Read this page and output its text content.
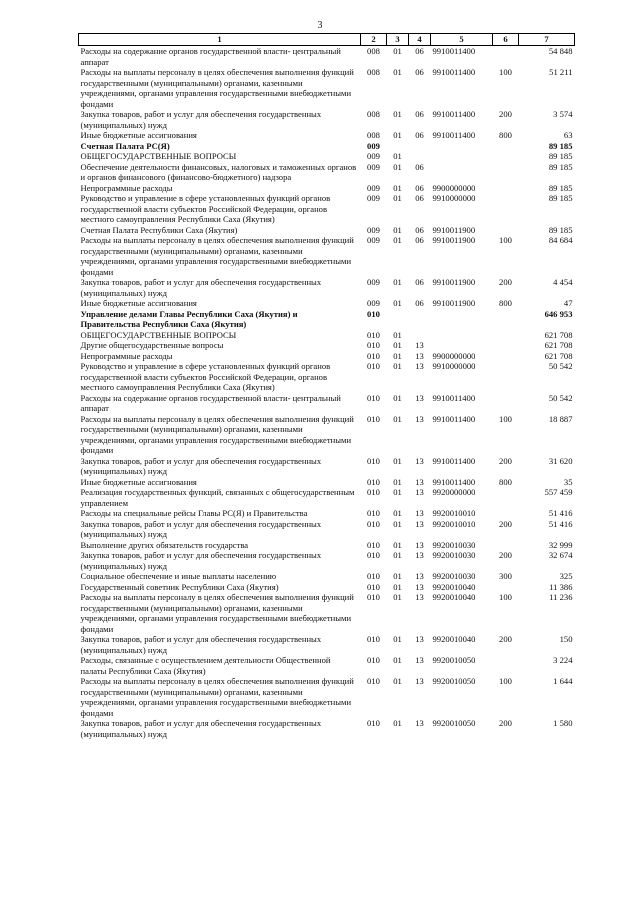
3
1	2	3	4	5	6	7
Расходы на содержание органов государственной власти- центральный аппарат	008	01	06	9910011400		54 848
Расходы на выплаты персоналу в целях обеспечения выполнения функций государственными (муниципальными) органами, казенными учреждениями, органами управления государственными внебюджетными фондами	008	01	06	9910011400	100	51 211
Закупка товаров, работ и услуг для обеспечения государственных (муниципальных) нужд	008	01	06	9910011400	200	3 574
Иные бюджетные ассигнования	008	01	06	9910011400	800	63
Счетная Палата РС(Я)	009					89 185
ОБЩЕГОСУДАРСТВЕННЫЕ ВОПРОСЫ	009	01				89 185
Обеспечение деятельности финансовых, налоговых и таможенных органов и органов финансового (финансово-бюджетного) надзора	009	01	06			89 185
Непрограммные расходы	009	01	06	9900000000		89 185
Руководство и управление в сфере установленных функций органов государственной власти субъектов Российской Федерации, органов местного самоуправления Республики Саха (Якутия)	009	01	06	9910000000		89 185
Счетная Палата Республики Саха (Якутия)	009	01	06	9910011900		89 185
Расходы на выплаты персоналу в целях обеспечения выполнения функций государственными (муниципальными) органами, казенными учреждениями, органами управления государственными внебюджетными фондами	009	01	06	9910011900	100	84 684
Закупка товаров, работ и услуг для обеспечения государственных (муниципальных) нужд	009	01	06	9910011900	200	4 454
Иные бюджетные ассигнования	009	01	06	9910011900	800	47
Управление делами Главы Республики Саха (Якутия) и Правительства Республики Саха (Якутия)	010					646 953
ОБЩЕГОСУДАРСТВЕННЫЕ ВОПРОСЫ	010	01				621 708
Другие общегосударственные вопросы	010	01	13			621 708
Непрограммные расходы	010	01	13	9900000000		621 708
Руководство и управление в сфере установленных функций органов государственной власти субъектов Российской Федерации, органов местного самоуправления Республики Саха (Якутия)	010	01	13	9910000000		50 542
Расходы на содержание органов государственной власти- центральный аппарат	010	01	13	9910011400		50 542
Расходы на выплаты персоналу в целях обеспечения выполнения функций государственными (муниципальными) органами, казенными учреждениями, органами управления государственными внебюджетными фондами	010	01	13	9910011400	100	18 887
Закупка товаров, работ и услуг для обеспечения государственных (муниципальных) нужд	010	01	13	9910011400	200	31 620
Иные бюджетные ассигнования	010	01	13	9910011400	800	35
Реализация государственных функций, связанных с общегосударственным управлением	010	01	13	9920000000		557 459
Расходы на специальные рейсы Главы РС(Я) и Правительства	010	01	13	9920010010		51 416
Закупка товаров, работ и услуг для обеспечения государственных (муниципальных) нужд	010	01	13	9920010010	200	51 416
Выполнение других обязательств государства	010	01	13	9920010030		32 999
Закупка товаров, работ и услуг для обеспечения государственных (муниципальных) нужд	010	01	13	9920010030	200	32 674
Социальное обеспечение и иные выплаты населению	010	01	13	9920010030	300	325
Государственный советник Республики Саха (Якутия)	010	01	13	9920010040		11 386
Расходы на выплаты персоналу в целях обеспечения выполнения функций государственными (муниципальными) органами, казенными учреждениями, органами управления государственными внебюджетными фондами	010	01	13	9920010040	100	11 236
Закупка товаров, работ и услуг для обеспечения государственных (муниципальных) нужд	010	01	13	9920010040	200	150
Расходы, связанные с осуществлением деятельности Общественной палаты Республики Саха (Якутия)	010	01	13	9920010050		3 224
Расходы на выплаты персоналу в целях обеспечения выполнения функций государственными (муниципальными) органами, казенными учреждениями, органами управления государственными внебюджетными фондами	010	01	13	9920010050	100	1 644
Закупка товаров, работ и услуг для обеспечения государственных (муниципальных) нужд	010	01	13	9920010050	200	1 580
